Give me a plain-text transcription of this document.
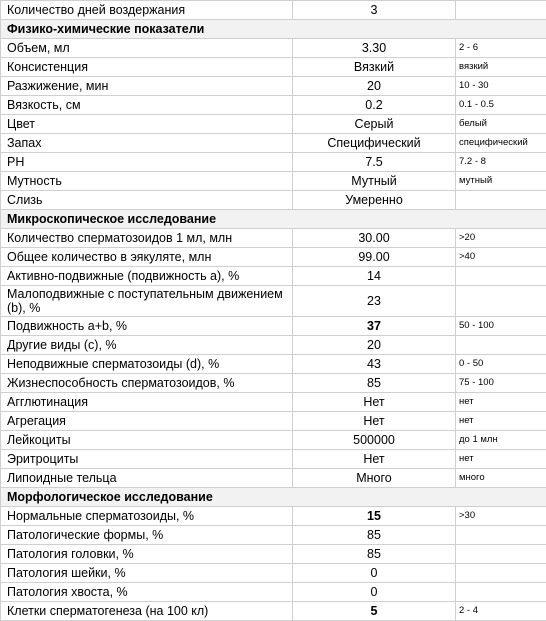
Количество дней воздержания	3	
Физико-химические показатели		
Объем, мл	3.30	2 - 6
Консистенция	Вязкий	вязкий
Разжижение, мин	20	10 - 30
Вязкость, см	0.2	0.1 - 0.5
Цвет	Серый	белый
Запах	Специфический	специфический
PH	7.5	7.2 - 8
Мутность	Мутный	мутный
Слизь	Умеренно	
Микроскопическое исследование		
Количество сперматозоидов 1 мл, млн	30.00	>20
Общее количество в эякуляте, млн	99.00	>40
Активно-подвижные (подвижность а), %	14	
Малоподвижные с поступательным движением (b), %	23	
Подвижность а+b, %	37	50 - 100
Другие виды (с), %	20	
Неподвижные сперматозоиды (d), %	43	0 - 50
Жизнеспособность сперматозоидов, %	85	75 - 100
Агглютинация	Нет	нет
Агрегация	Нет	нет
Лейкоциты	500000	до 1 млн
Эритроциты	Нет	нет
Липоидные тельца	Много	много
Морфологическое исследование		
Нормальные сперматозоиды, %	15	>30
Патологические формы, %	85	
Патология головки, %	85	
Патология шейки, %	0	
Патология хвоста, %	0	
Клетки сперматогенеза (на 100 кл)	5	2 - 4
